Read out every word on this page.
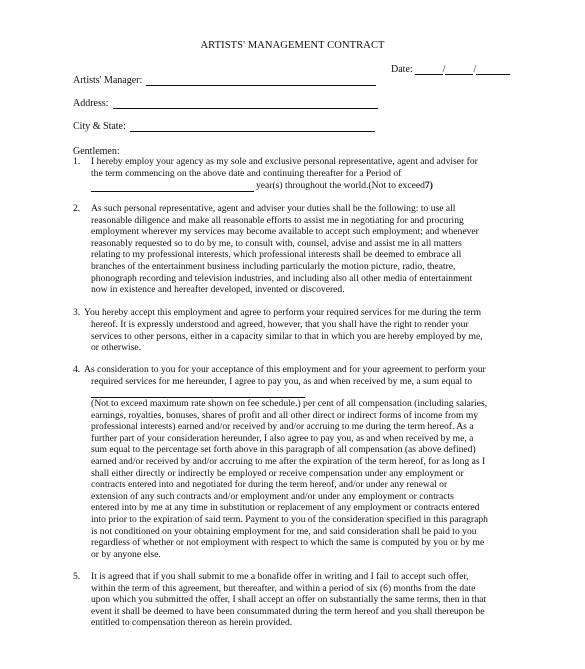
ARTISTS' MANAGEMENT CONTRACT
Date:	/	/
Artists' Manager:
Address:
City & State:
Gentlemen:
1. I hereby employ your agency as my sole and exclusive personal representative, agent and adviser for
the term commencing on the above date and continuing thereafter for a Period of
year(s) throughout the world.(Not to exceed 7)
2. As such personal representative, agent and adviser your duties shall be the following: to use all
reasonable diligence and make all reasonable efforts to assist me in negotiating for and procuring
employment wherever my services may become available to accept such employment; and whenever
reasonably requested so to do by me, to consult with, counsel, advise and assist me in all matters
relating to my professional interests, which professional interests shall be deemed to embrace all
branches of the entertainment business including particularly the motion picture, radio, theatre,
phonograph recording and television industries, and including also all other media of entertainment
now in existence and hereafter developed, invented or discovered.
3. You hereby accept this employment and agree to perform your required services for me during the term
hereof. It is expressly understood and agreed, however, that you shall have the right to render your
services to other persons, either in a capacity similar to that in which you are hereby employed by me,
or otherwise.
4. As consideration to you for your acceptance of this employment and for your agreement to perform your
required services for me hereunder, I agree to pay you, as and when received by me, a sum equal to
(Not to exceed maximum rate shown on fee schedule.) per cent of all compensation (including salaries,
earnings, royalties, bonuses, shares of profit and all other direct or indirect forms of income from my
professional interests) earned and/or received by and/or accruing to me during the term hereof. As a
further part of your consideration hereunder, I also agree to pay you, as and when received by me, a
sum equal to the percentage set forth above in this paragraph of all compensation (as above defined)
earned and/or received by and/or accruing to me after the expiration of the term hereof, for as long as I
shall either directly or indirectly be employed or receive compensation under any employment or
contracts entered into and negotiated for during the term hereof, and/or under any renewal or
extension of any such contracts and/or employment and/or under any employment or contracts
entered into by me at any time in substitution or replacement of any employment or contracts entered
into prior to the expiration of said term. Payment to you of the consideration specified in this paragraph
is not conditioned on your obtaining employment for me, and said consideration shall be paid to you
regardless of whether or not employment with respect to which the same is computed by you or by me
or by anyone else.
5. It is agreed that if you shall submit to me a bonafide offer in writing and I fail to accept such offer,
within the term of this agreement, but thereafter, and within a period of six (6) months from the date
upon which you submitted the offer, I shall accept an offer on substantially the same terms, then in that
event it shall be deemed to have been consummated during the term hereof and you shall thereupon be
entitled to compensation thereon as herein provided.
